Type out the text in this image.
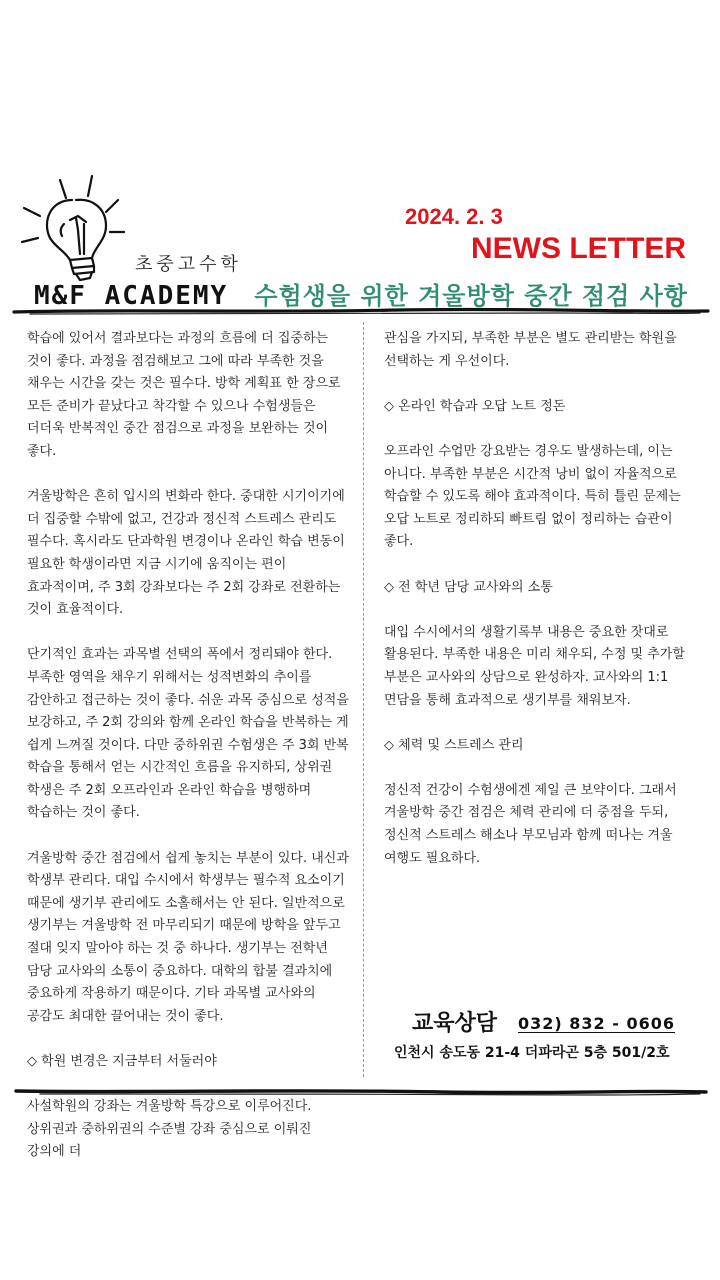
초중고수학
M&F ACADEMY
2024. 2. 3
NEWS LETTER
수험생을 위한 겨울방학 중간 점검 사항

학습에 있어서 결과보다는 과정의 흐름에 더 집중하는 것이 좋다. 과정을 점검해보고 그에 따라 부족한 것을 채우는 시간을 갖는 것은 필수다. 방학 계획표 한 장으로 모든 준비가 끝났다고 착각할 수 있으나 수험생들은 더더욱 반복적인 중간 점검으로 과정을 보완하는 것이 좋다.

겨울방학은 흔히 입시의 변화라 한다. 중대한 시기이기에 더 집중할 수밖에 없고, 건강과 정신적 스트레스 관리도 필수다. 혹시라도 단과학원 변경이나 온라인 학습 변동이 필요한 학생이라면 지금 시기에 움직이는 편이 효과적이며, 주 3회 강좌보다는 주 2회 강좌로 전환하는 것이 효율적이다.

단기적인 효과는 과목별 선택의 폭에서 정리돼야 한다. 부족한 영역을 채우기 위해서는 성적변화의 추이를 감안하고 접근하는 것이 좋다. 쉬운 과목 중심으로 성적을 보강하고, 주 2회 강의와 함께 온라인 학습을 반복하는 게 쉽게 느껴질 것이다. 다만 중하위권 수험생은 주 3회 반복 학습을 통해서 얻는 시간적인 흐름을 유지하되, 상위권 학생은 주 2회 오프라인과 온라인 학습을 병행하며 학습하는 것이 좋다.

겨울방학 중간 점검에서 쉽게 놓치는 부분이 있다. 내신과 학생부 관리다. 대입 수시에서 학생부는 필수적 요소이기 때문에 생기부 관리에도 소홀해서는 안 된다. 일반적으로 생기부는 겨울방학 전 마무리되기 때문에 방학을 앞두고 절대 잊지 말아야 하는 것 중 하나다. 생기부는 전학년 담당 교사와의 소통이 중요하다. 대학의 합불 결과치에 중요하게 작용하기 때문이다. 기타 과목별 교사와의 공감도 최대한 끌어내는 것이 좋다.

◇ 학원 변경은 지금부터 서둘러야

사설학원의 강좌는 겨울방학 특강으로 이루어진다. 상위권과 중하위권의 수준별 강좌 중심으로 이뤄진 강의에 더

관심을 가지되, 부족한 부분은 별도 관리받는 학원을 선택하는 게 우선이다.

◇ 온라인 학습과 오답 노트 정돈

오프라인 수업만 강요받는 경우도 발생하는데, 이는 아니다. 부족한 부분은 시간적 낭비 없이 자율적으로 학습할 수 있도록 해야 효과적이다. 특히 틀린 문제는 오답 노트로 정리하되 빠트림 없이 정리하는 습관이 좋다.

◇ 전 학년 담당 교사와의 소통

대입 수시에서의 생활기록부 내용은 중요한 잣대로 활용된다. 부족한 내용은 미리 채우되, 수정 및 추가할 부분은 교사와의 상담으로 완성하자. 교사와의 1:1 면담을 통해 효과적으로 생기부를 채워보자.

◇ 체력 및 스트레스 관리

정신적 건강이 수험생에겐 제일 큰 보약이다. 그래서 겨울방학 중간 점검은 체력 관리에 더 중점을 두되, 정신적 스트레스 해소나 부모님과 함께 떠나는 겨울 여행도 필요하다.

교육상담 032) 832 - 0606
인천시 송도동 21-4 더파라곤 5층 501/2호
